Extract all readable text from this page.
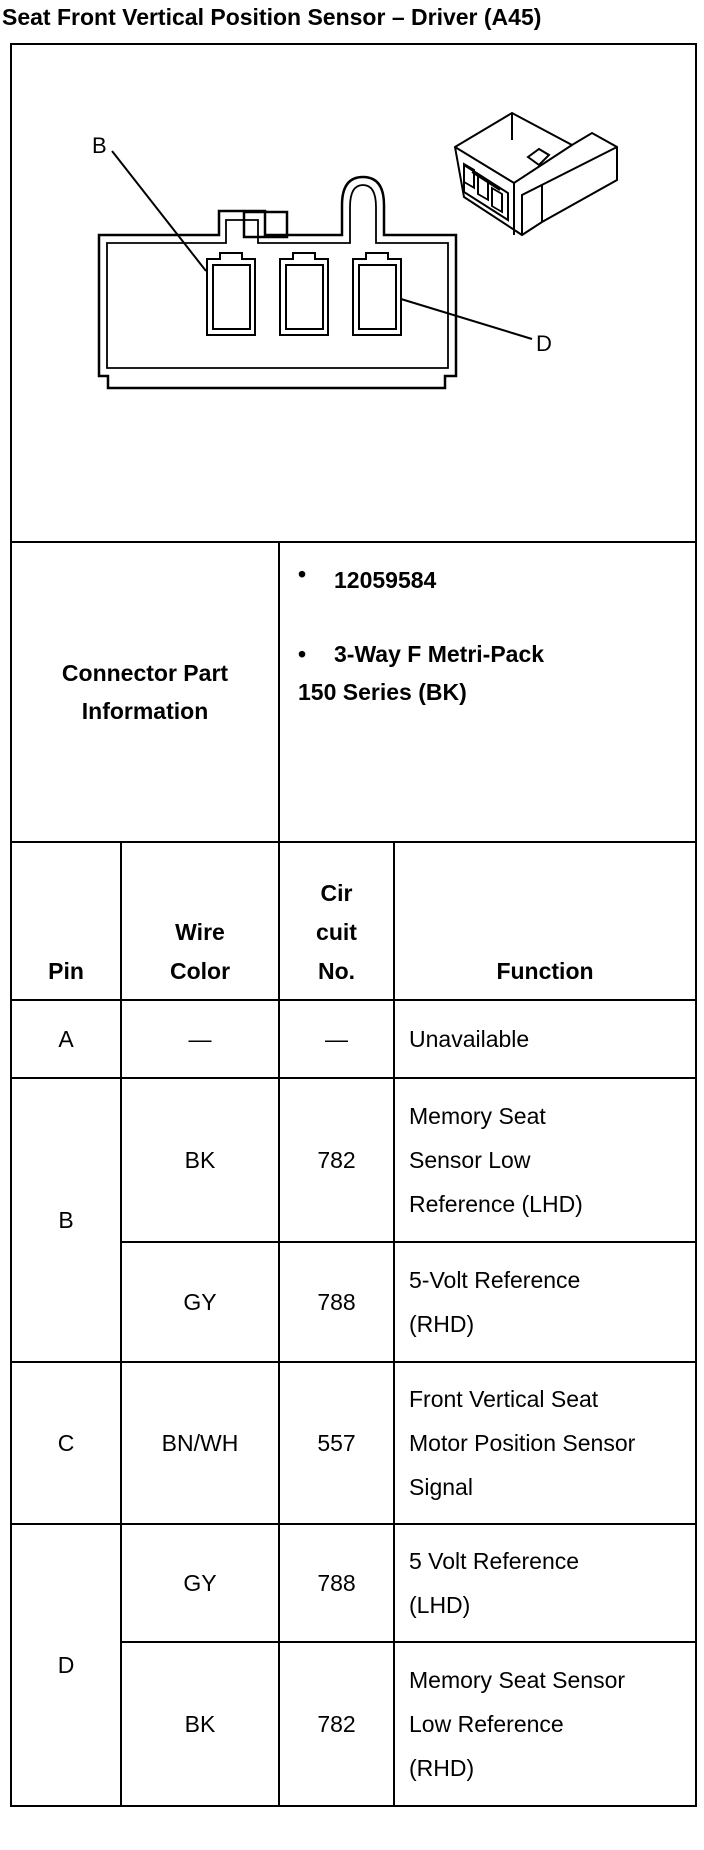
Seat Front Vertical Position Sensor – Driver (A45)
B
D			

Connector Part Information		• 12059584

• 3-Way F Metri-Pack 150 Series (BK)	

Pin	Wire Color	Cir cuit No.	Function
A	—	—	Unavailable
B	BK	782	Memory Seat Sensor Low Reference (LHD)

	GY	788	5-Volt Reference (RHD)

C	BN/WH	557	Front Vertical Seat Motor Position Sensor Signal

D	GY	788	5 Volt Reference (LHD)

	BK	782	Memory Seat Sensor Low Reference (RHD)
